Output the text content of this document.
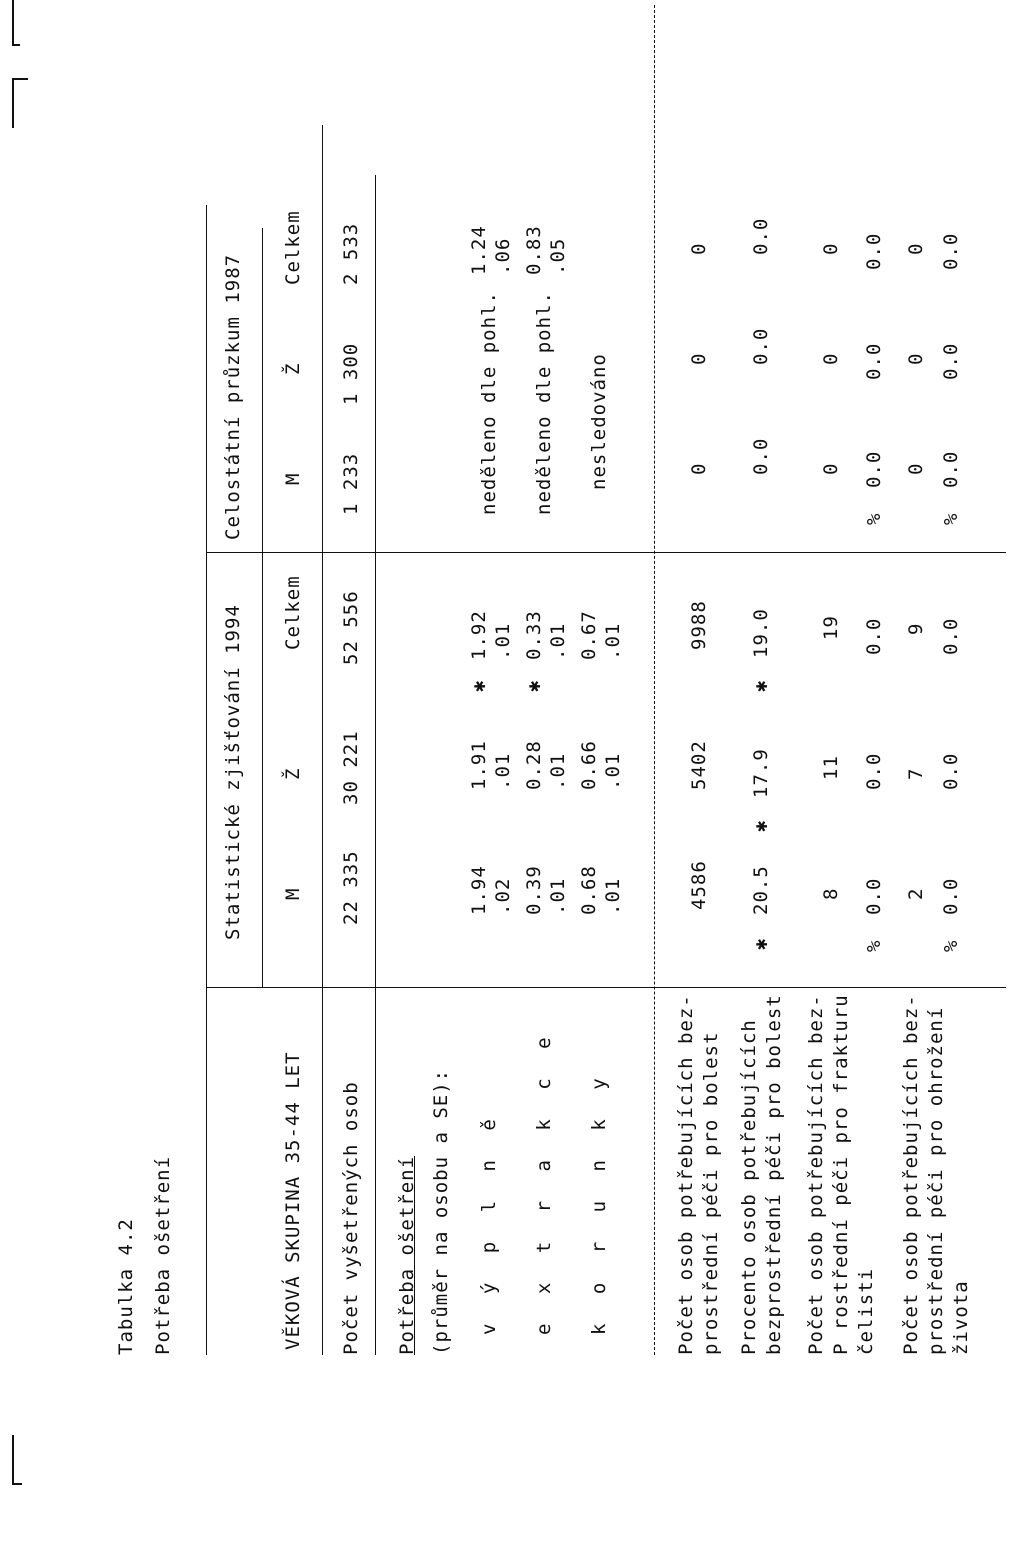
Tabulka 4.2 Potřeba ošetření
Statistické zjišťování 1994
Celostátní průzkum 1987
VĚKOVÁ SKUPINA 35-44 LET
M
Ž
Celkem
M
Ž
Celkem
Počet vyšetřených osob
22 335
30 221
52 556
1 233
1 300
2 533
Potřeba ošetření (průměr na osobu a SE): v ý p l n ě
1.94 .02
1.91 .01
✱
1.92 .01
neděleno dle pohl.
1.24 .06
e x t r a k c e
0.39 .01
0.28 .01
✱
0.33 .01
neděleno dle pohl.
0.83 .05
k o r u n k y
0.68 .01
0.66 .01
0.67 .01
nesledováno
Počet osob potřebujících bez- prostřední péči pro bolest
4586
5402
9988
0
0
0
Procento osob potřebujících bezprostřední péči pro bolest
✱
20.5
✱
17.9
✱
19.0
0.0
0.0
0.0
Počet osob potřebujících bez- P rostřední péči pro frakturu čelisti
8
11
19
0
0
0
%
0.0
0.0
0.0
%
0.0
0.0
0.0
Počet osob potřebujících bez- prostřední péči pro ohrožení života
2
7
9
0
0
0
%
0.0
0.0
0.0
%
0.0
0.0
0.0
